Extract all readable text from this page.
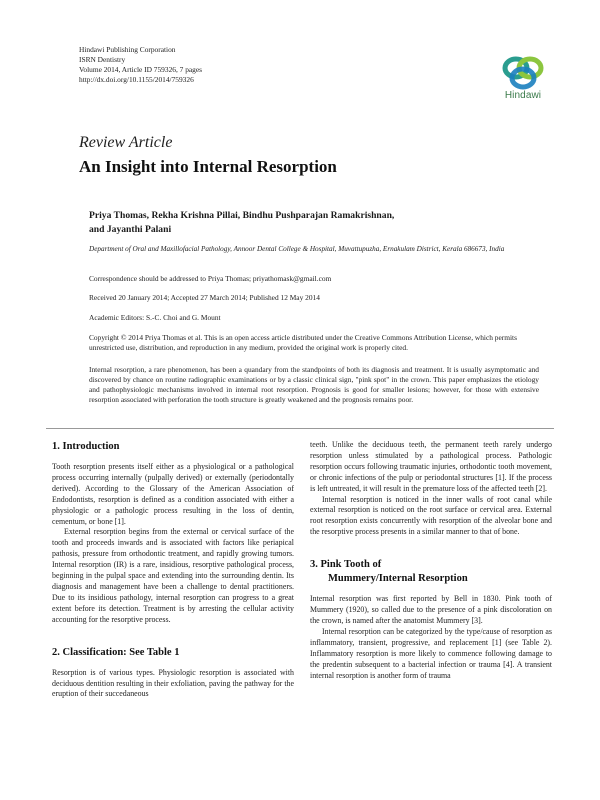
Hindawi Publishing Corporation
ISRN Dentistry
Volume 2014, Article ID 759326, 7 pages
http://dx.doi.org/10.1155/2014/759326
Hindawi
Review Article
An Insight into Internal Resorption
Priya Thomas, Rekha Krishna Pillai, Bindhu Pushparajan Ramakrishnan,
and Jayanthi Palani
Department of Oral and Maxillofacial Pathology, Annoor Dental College & Hospital, Muvattupuzha, Ernakulam District, Kerala 686673, India
Correspondence should be addressed to Priya Thomas; priyathomask@gmail.com
Received 20 January 2014; Accepted 27 March 2014; Published 12 May 2014
Academic Editors: S.-C. Choi and G. Mount
Copyright © 2014 Priya Thomas et al. This is an open access article distributed under the Creative Commons Attribution License, which permits unrestricted use, distribution, and reproduction in any medium, provided the original work is properly cited.
Internal resorption, a rare phenomenon, has been a quandary from the standpoints of both its diagnosis and treatment. It is usually asymptomatic and discovered by chance on routine radiographic examinations or by a classic clinical sign, "pink spot" in the crown. This paper emphasizes the etiology and pathophysiologic mechanisms involved in internal root resorption. Prognosis is good for smaller lesions; however, for those with extensive resorption associated with perforation the tooth structure is greatly weakened and the prognosis remains poor.
1. Introduction

Tooth resorption presents itself either as a physiological or a pathological process occurring internally (pulpally derived) or externally (periodontally derived). According to the Glossary of the American Association of Endodontists, resorption is defined as a condition associated with either a physiologic or a pathologic process resulting in the loss of dentin, cementum, or bone [1].

External resorption begins from the external or cervical surface of the tooth and proceeds inwards and is associated with factors like periapical pathosis, pressure from orthodontic treatment, and rapidly growing tumors. Internal resorption (IR) is a rare, insidious, resorptive pathological process, beginning in the pulpal space and extending into the surrounding dentin. Its diagnosis and management have been a challenge to dental practitioners. Due to its insidious pathology, internal resorption can progress to a great extent before its detection. Treatment is by arresting the cellular activity accounting for the resorptive process.

2. Classification: See Table 1

Resorption is of various types. Physiologic resorption is associated with deciduous dentition resulting in their exfoliation, paving the pathway for the eruption of their succedaneous

teeth. Unlike the deciduous teeth, the permanent teeth rarely undergo resorption unless stimulated by a pathological process. Pathologic resorption occurs following traumatic injuries, orthodontic tooth movement, or chronic infections of the pulp or periodontal structures [1]. If the process is left untreated, it will result in the premature loss of the affected teeth [2].

Internal resorption is noticed in the inner walls of root canal while external resorption is noticed on the root surface or cervical area. External root resorption exists concurrently with resorption of the alveolar bone and the resorptive process presents in a similar manner to that of bone.

3. Pink Tooth of
Mummery/Internal Resorption

Internal resorption was first reported by Bell in 1830. Pink tooth of Mummery (1920), so called due to the presence of a pink discoloration on the crown, is named after the anatomist Mummery [3].

Internal resorption can be categorized by the type/cause of resorption as inflammatory, transient, progressive, and replacement [1] (see Table 2). Inflammatory resorption is more likely to commence following damage to the predentin subsequent to a bacterial infection or trauma [4]. A transient internal resorption is another form of trauma
